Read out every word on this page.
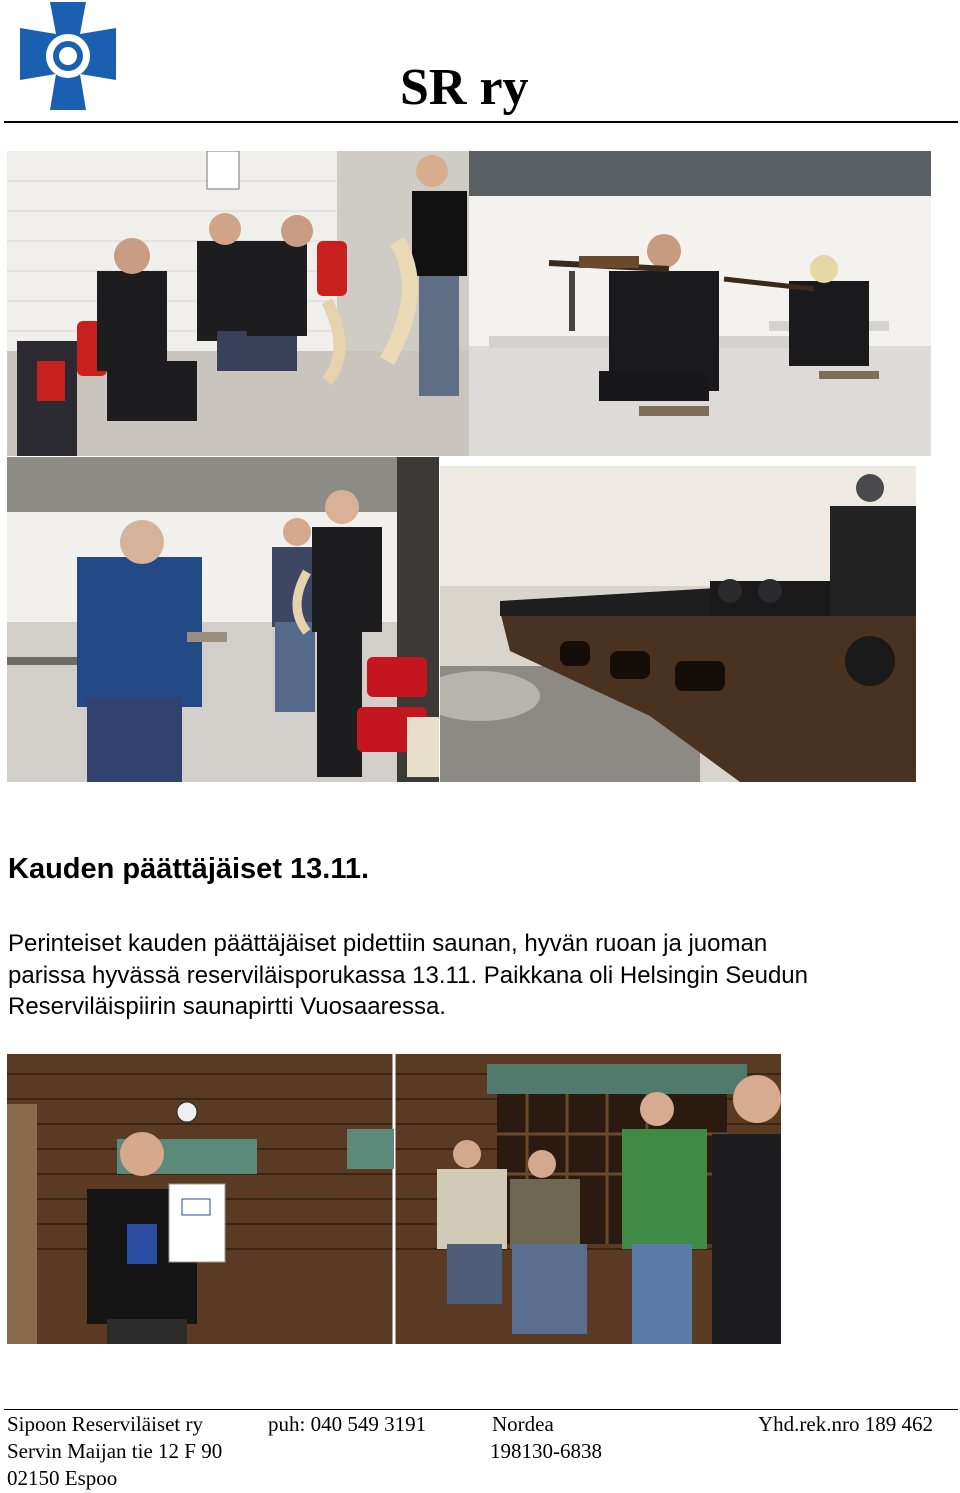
SR ry
Kauden päättäjäiset 13.11.
Perinteiset kauden päättäjäiset pidettiin saunan, hyvän ruoan ja juoman
parissa hyvässä reserviläisporukassa 13.11. Paikkana oli Helsingin Seudun
Reserviläispiirin saunapirtti Vuosaaressa.
Sipoon Reserviläiset ry
Servin Maijan tie 12 F 90
02150 Espoo
puh: 040 549 3191	Nordea
198130-6838
Yhd.rek.nro 189 462
